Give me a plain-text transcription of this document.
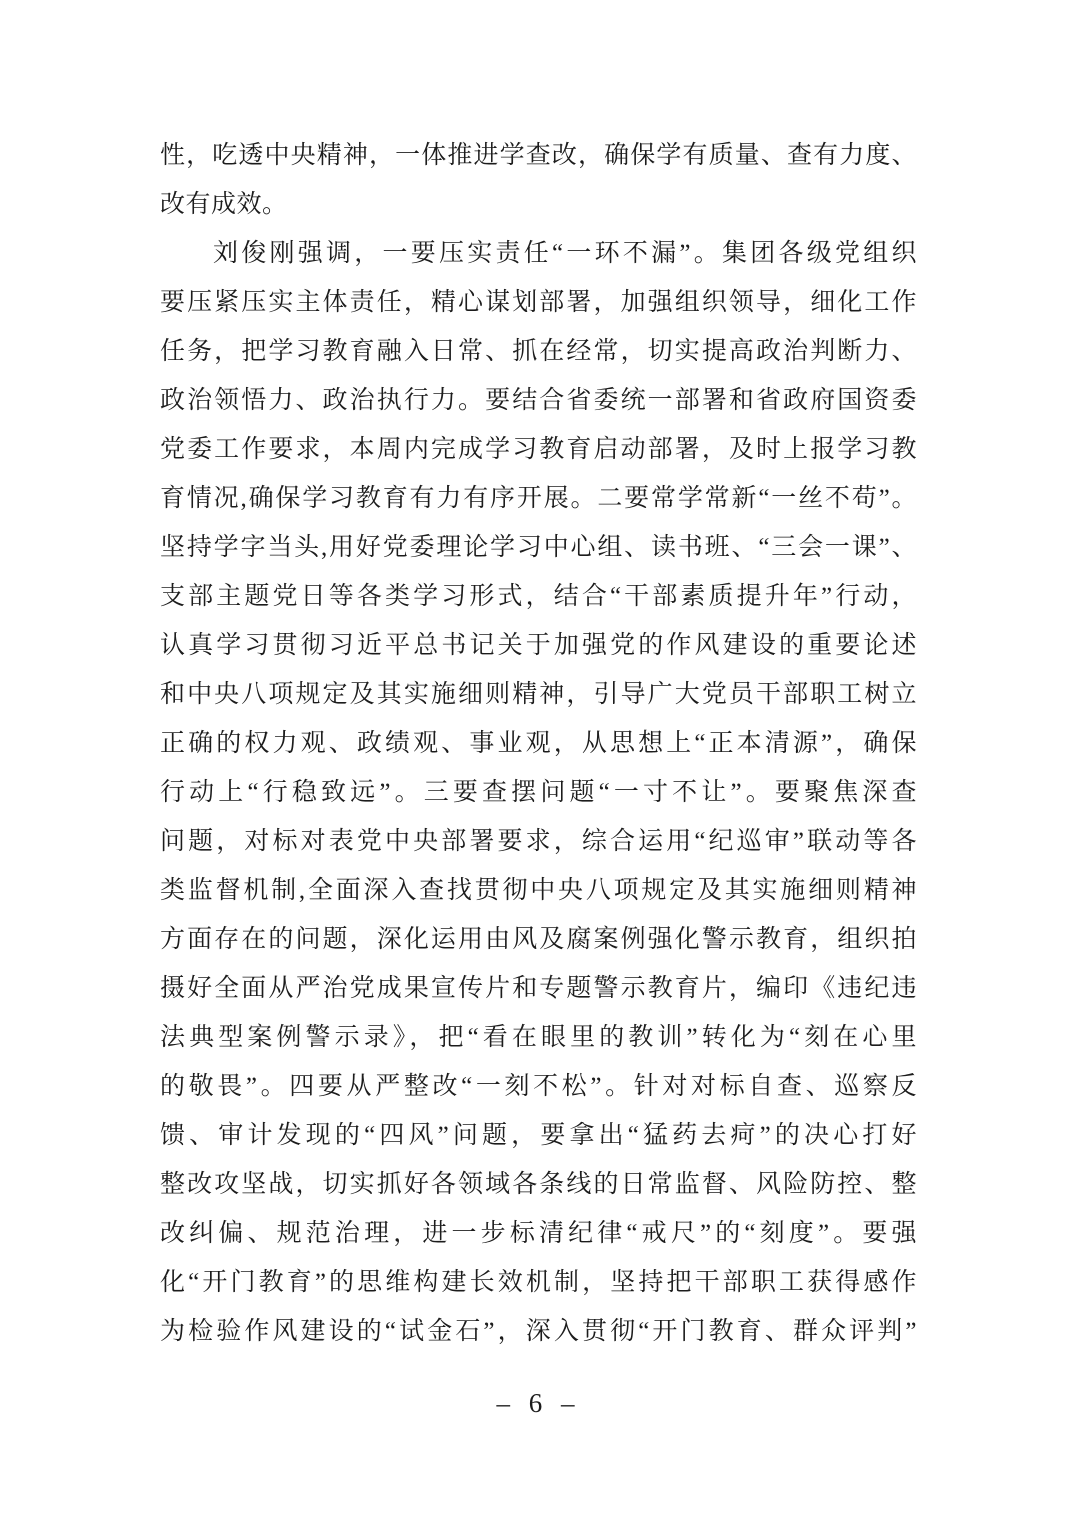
性，吃透中央精神，一体推进学查改，确保学有质量、查有力度、
改有成效。
刘俊刚强调，一要压实责任“一环不漏”。集团各级党组织
要压紧压实主体责任，精心谋划部署，加强组织领导，细化工作
任务，把学习教育融入日常、抓在经常，切实提高政治判断力、
政治领悟力、政治执行力。要结合省委统一部署和省政府国资委
党委工作要求，本周内完成学习教育启动部署，及时上报学习教
育情况,确保学习教育有力有序开展。二要常学常新“一丝不苟”。
坚持学字当头,用好党委理论学习中心组、读书班、“三会一课”、
支部主题党日等各类学习形式，结合“干部素质提升年”行动，
认真学习贯彻习近平总书记关于加强党的作风建设的重要论述
和中央八项规定及其实施细则精神，引导广大党员干部职工树立
正确的权力观、政绩观、事业观，从思想上“正本清源”，确保
行动上“行稳致远”。三要查摆问题“一寸不让”。要聚焦深查
问题，对标对表党中央部署要求，综合运用“纪巡审”联动等各
类监督机制,全面深入查找贯彻中央八项规定及其实施细则精神
方面存在的问题，深化运用由风及腐案例强化警示教育，组织拍
摄好全面从严治党成果宣传片和专题警示教育片，编印《违纪违
法典型案例警示录》，把“看在眼里的教训”转化为“刻在心里
的敬畏”。四要从严整改“一刻不松”。针对对标自查、巡察反
馈、审计发现的“四风”问题，要拿出“猛药去疴”的决心打好
整改攻坚战，切实抓好各领域各条线的日常监督、风险防控、整
改纠偏、规范治理，进一步标清纪律“戒尺”的“刻度”。要强
化“开门教育”的思维构建长效机制，坚持把干部职工获得感作
为检验作风建设的“试金石”，深入贯彻“开门教育、群众评判”
– 6 –
